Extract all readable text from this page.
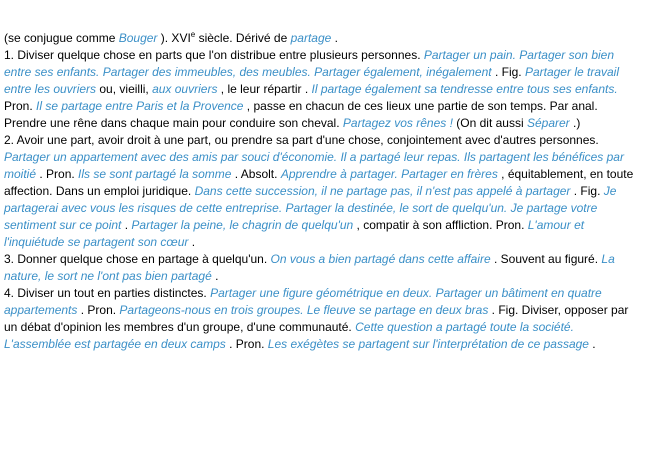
(se conjugue comme Bouger ). XVIe siècle. Dérivé de partage .
1. Diviser quelque chose en parts que l'on distribue entre plusieurs personnes. Partager un pain. Partager son bien
entre ses enfants. Partager des immeubles, des meubles. Partager également, inégalement . Fig. Partager le travail
entre les ouvriers ou, vieilli, aux ouvriers , le leur répartir . Il partage également sa tendresse entre tous ses enfants.
Pron. Il se partage entre Paris et la Provence , passe en chacun de ces lieux une partie de son temps. Par anal.
Prendre une rêne dans chaque main pour conduire son cheval. Partagez vos rênes ! (On dit aussi Séparer .)
2. Avoir une part, avoir droit à une part, ou prendre sa part d'une chose, conjointement avec d'autres personnes.
Partager un appartement avec des amis par souci d'économie. Il a partagé leur repas. Ils partagent les bénéfices par
moitié . Pron. Ils se sont partagé la somme . Absolt. Apprendre à partager. Partager en frères , équitablement, en toute
affection. Dans un emploi juridique. Dans cette succession, il ne partage pas, il n'est pas appelé à partager . Fig. Je
partagerai avec vous les risques de cette entreprise. Partager la destinée, le sort de quelqu'un. Je partage votre
sentiment sur ce point . Partager la peine, le chagrin de quelqu'un , compatir à son affliction. Pron. L'amour et
l'inquiétude se partagent son cœur .
3. Donner quelque chose en partage à quelqu'un. On vous a bien partagé dans cette affaire . Souvent au figuré. La
nature, le sort ne l'ont pas bien partagé .
4. Diviser un tout en parties distinctes. Partager une figure géométrique en deux. Partager un bâtiment en quatre
appartements . Pron. Partageons-nous en trois groupes. Le fleuve se partage en deux bras . Fig. Diviser, opposer par
un débat d'opinion les membres d'un groupe, d'une communauté. Cette question a partagé toute la société.
L'assemblée est partagée en deux camps . Pron. Les exégètes se partagent sur l'interprétation de ce passage .
